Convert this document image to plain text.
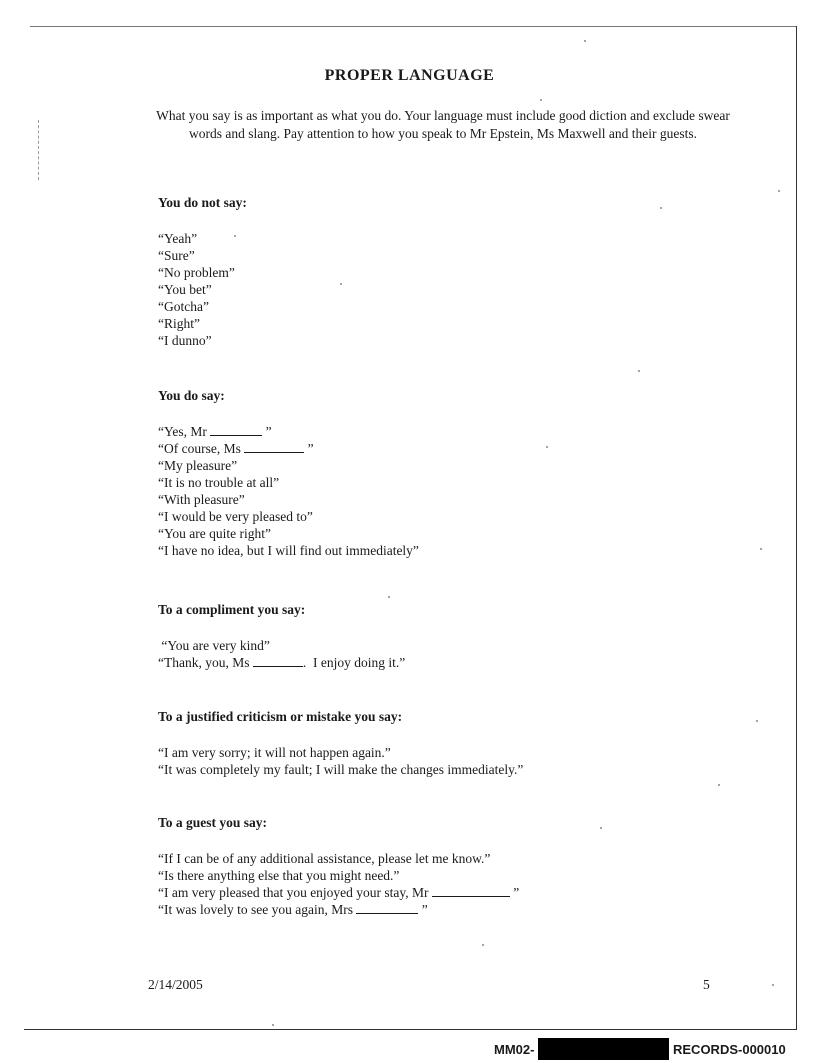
PROPER LANGUAGE
What you say is as important as what you do. Your language must include good diction and exclude swear words and slang. Pay attention to how you speak to Mr Epstein, Ms Maxwell and their guests.
You do not say:
“Yeah”
“Sure”
“No problem”
“You bet”
“Gotcha”
“Right”
“I dunno”
You do say:
“Yes, Mr	”
“Of course, Ms	”
“My pleasure”
“It is no trouble at all”
“With pleasure”
“I would be very pleased to”
“You are quite right”
“I have no idea, but I will find out immediately”
To a compliment you say:
“You are very kind”
“Thank, you, Ms	.  I enjoy doing it.”
To a justified criticism or mistake you say:
“I am very sorry; it will not happen again.”
“It was completely my fault; I will make the changes immediately.”
To a guest you say:
“If I can be of any additional assistance, please let me know.”
“Is there anything else that you might need.”
“I am very pleased that you enjoyed your stay, Mr	”
“It was lovely to see you again, Mrs	”
2/14/2005	5
MM02-	RECORDS-000010
